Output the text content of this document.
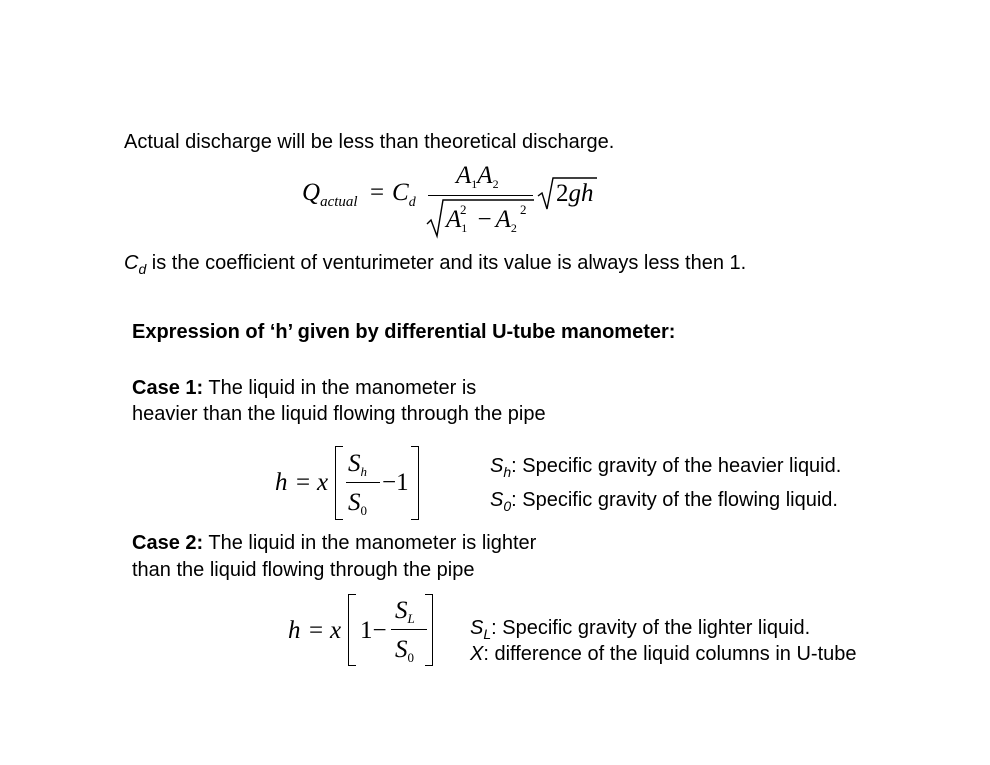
Actual discharge will be less than theoretical discharge.
$Q_{actual} = C_d$
$A_1A_2$
A
$^2$
$_1$ − A $^2$
$_2$
2gh
$C_d$ is the coefficient of venturimeter and its value is always less then 1.
Expression of ‘h’ given by differential U-tube manometer:
Case 1: The liquid in the manometer is
heavier than the liquid flowing through the pipe
h = x
$S_h$
$S_0$
−1
$S_h$: Specific gravity of the heavier liquid.
$S_0$: Specific gravity of the flowing liquid.
Case 2: The liquid in the manometer is lighter
than the liquid flowing through the pipe
h = x 1−
$S_L$
$S_0$
$S_L$: Specific gravity of the lighter liquid.
X: difference of the liquid columns in U-tube
